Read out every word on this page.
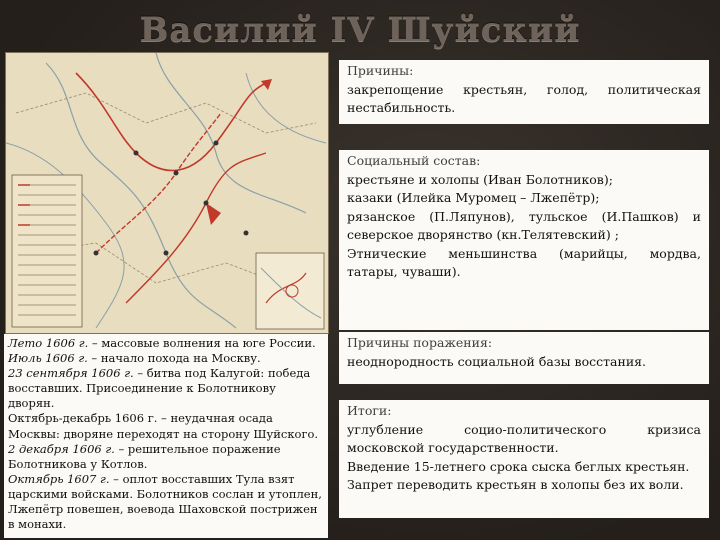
Василий IV Шуйский
Лето 1606 г. – массовые волнения на юге России.
Июль 1606 г. – начало похода на Москву.
23 сентября 1606 г. – битва под Калугой: победа восставших. Присоединение к Болотникову дворян.
Октябрь-декабрь 1606 г. – неудачная осада Москвы: дворяне переходят на сторону Шуйского.
2 декабря 1606 г. – решительное поражение Болотникова у Котлов.
Октябрь 1607 г. – оплот восставших Тула взят царскими войсками. Болотников сослан и утоплен, Лжепётр повешен, воевода Шаховской пострижен в монахи.
Причины:
закрепощение крестьян, голод, политическая
нестабильность.
Социальный состав:
крестьяне и холопы (Иван Болотников);
казаки (Илейка Муромец – Лжепётр);
рязанское (П.Ляпунов), тульское (И.Пашков) и
северское дворянство (кн.Телятевский) ;
Этнические меньшинства (марийцы, мордва,
татары, чуваши).
Причины поражения:
неоднородность социальной базы восстания.
Итоги:
углубление социо-политического кризиса
московской государственности.
Введение 15-летнего срока сыска беглых крестьян.
Запрет переводить крестьян в холопы без их воли.
